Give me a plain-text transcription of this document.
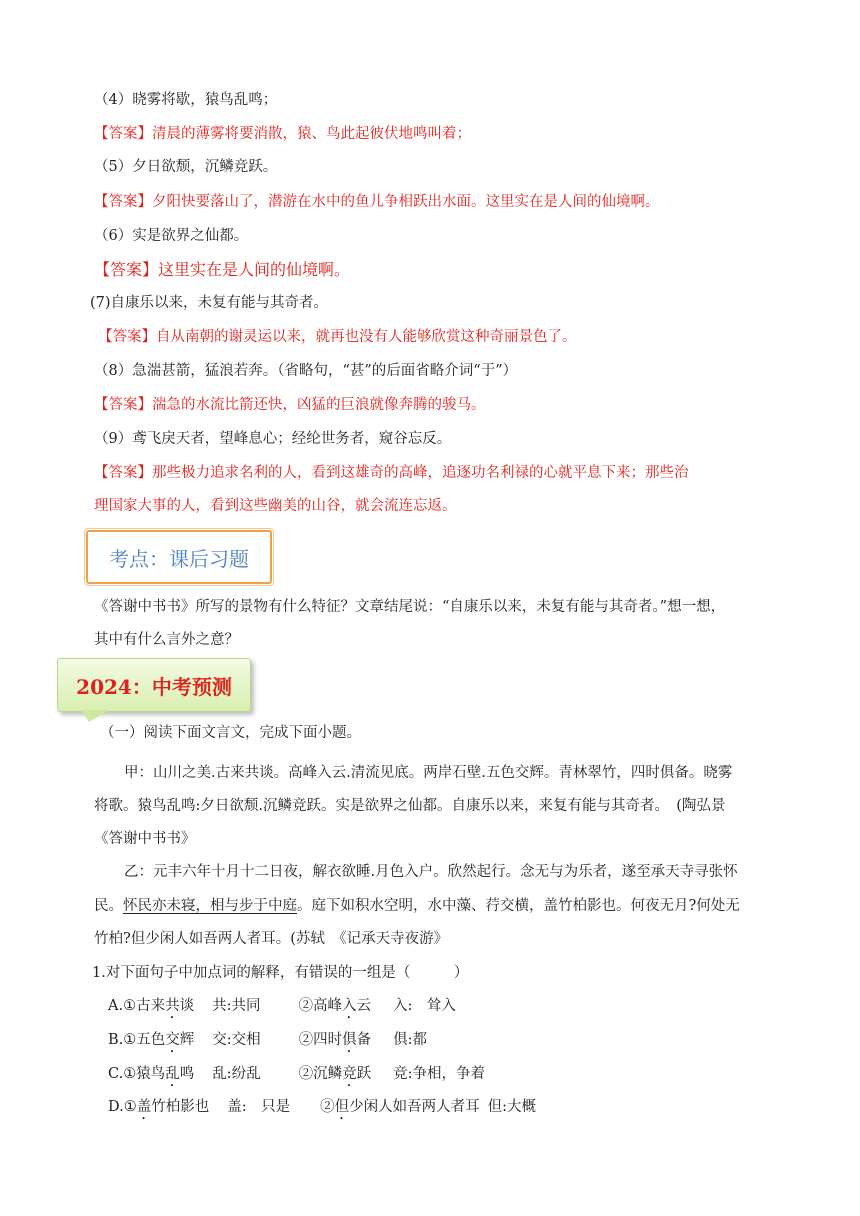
（4）晓雾将歇，猿鸟乱鸣；
【答案】清晨的薄雾将要消散，猿、鸟此起彼伏地鸣叫着；
（5）夕日欲颓，沉鳞竞跃。
【答案】夕阳快要落山了，潜游在水中的鱼儿争相跃出水面。这里实在是人间的仙境啊。
（6）实是欲界之仙都。
【答案】这里实在是人间的仙境啊。
(7)自康乐以来，未复有能与其奇者。
【答案】自从南朝的谢灵运以来，就再也没有人能够欣赏这种奇丽景色了。
（8）急湍甚箭，猛浪若奔。（省略句，“甚”的后面省略介词“于”）
【答案】湍急的水流比箭还快，凶猛的巨浪就像奔腾的骏马。
（9）鸢飞戾天者，望峰息心；经纶世务者，窥谷忘反。
【答案】那些极力追求名利的人，看到这雄奇的高峰，追逐功名利禄的心就平息下来；那些治
理国家大事的人，看到这些幽美的山谷，就会流连忘返。
考点：课后习题
《答谢中书书》所写的景物有什么特征？文章结尾说：“自康乐以来，未复有能与其奇者。”想一想，
其中有什么言外之意？
2024：中考预测
（一）阅读下面文言文，完成下面小题。
甲：山川之美.古来共谈。高峰入云.清流见底。两岸石壁.五色交辉。青林翠竹，四时俱备。晓雾
将歌。猿鸟乱鸣:夕日欲颓.沉鳞竞跃。实是欲界之仙都。自康乐以来，来复有能与其奇者。　(陶弘景
《答谢中书书》
乙：元丰六年十月十二日夜，解衣欲睡.月色入户。欣然起行。念无与为乐者，遂至承天寺寻张怀
民。怀民亦未寝，相与步于中庭。庭下如积水空明，水中藻、荇交横，盖竹柏影也。何夜无月?何处无
竹柏?但少闲人如吾两人者耳。(苏轼　《记承天寺夜游》
1.对下面句子中加点词的解释，有错误的一组是（　　　）
A.①古来共谈 共:共同	②高峰入云 入:　耸入
B.①五色交辉 交:交相	②四时俱备 俱:都
C.①猿鸟乱鸣 乱:纷乱	②沉鳞竞跃 竞:争相，争着
D.①盖竹柏影也 盖:　只是 ②但少闲人如吾两人者耳 但:大概
